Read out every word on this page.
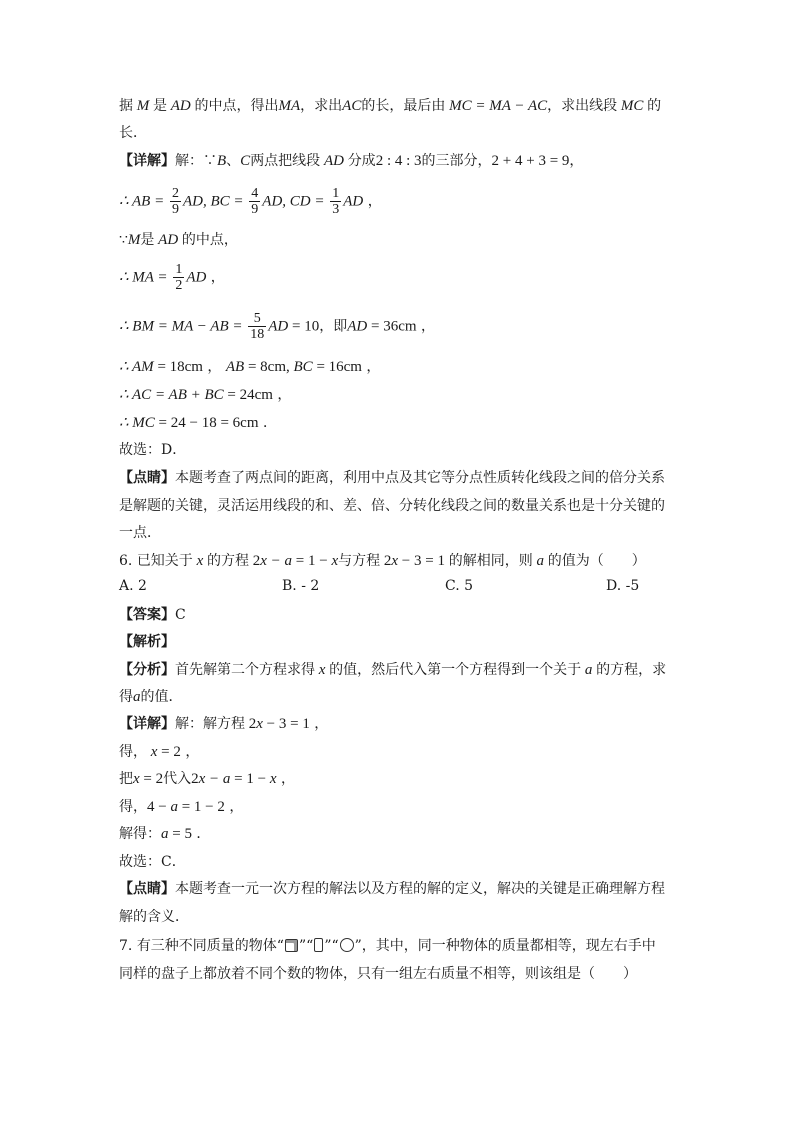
据 M 是 AD 的中点，得出MA，求出AC的长，最后由 MC = MA − AC，求出线段 MC 的
长．
【详解】解：∵B、C两点把线段 AD 分成2 : 4 : 3的三部分，2 + 4 + 3 = 9，
∴ AB = $\frac{2}{9}$ AD, BC = $\frac{4}{9}$ AD, CD = $\frac{1}{3}$ AD ，
∵M是 AD 的中点，
∴ MA = $\frac{1}{2}$ AD ，
∴ BM = MA − AB = $\frac{5}{18}$ AD = 10，即AD = 36cm ，
∴ AM = 18cm ， AB = 8cm, BC = 16cm ，
∴ AC = AB + BC = 24cm ，
∴ MC = 24 − 18 = 6cm ．
故选：D．
【点睛】本题考查了两点间的距离，利用中点及其它等分点性质转化线段之间的倍分关系
是解题的关键，灵活运用线段的和、差、倍、分转化线段之间的数量关系也是十分关键的
一点．
6. 已知关于 x 的方程 2x − a = 1 − x与方程 2x − 3 = 1 的解相同，则 a 的值为（　　）
A. 2	B. - 2	C. 5	D. -5
【答案】C
【解析】
【分析】首先解第二个方程求得 x 的值，然后代入第一个方程得到一个关于 a 的方程，求
得a的值．
【详解】解：解方程 2x − 3 = 1 ，
得， x = 2 ，
把x = 2代入2x − a = 1 − x ，
得，4 − a = 1 − 2 ，
解得：a = 5 ．
故选：C．
【点睛】本题考查一元一次方程的解法以及方程的解的定义，解决的关键是正确理解方程
解的含义．
7. 有三种不同质量的物体“ ”“ ”“ ”，其中，同一种物体的质量都相等，现左右手中
同样的盘子上都放着不同个数的物体，只有一组左右质量不相等，则该组是（　　）
